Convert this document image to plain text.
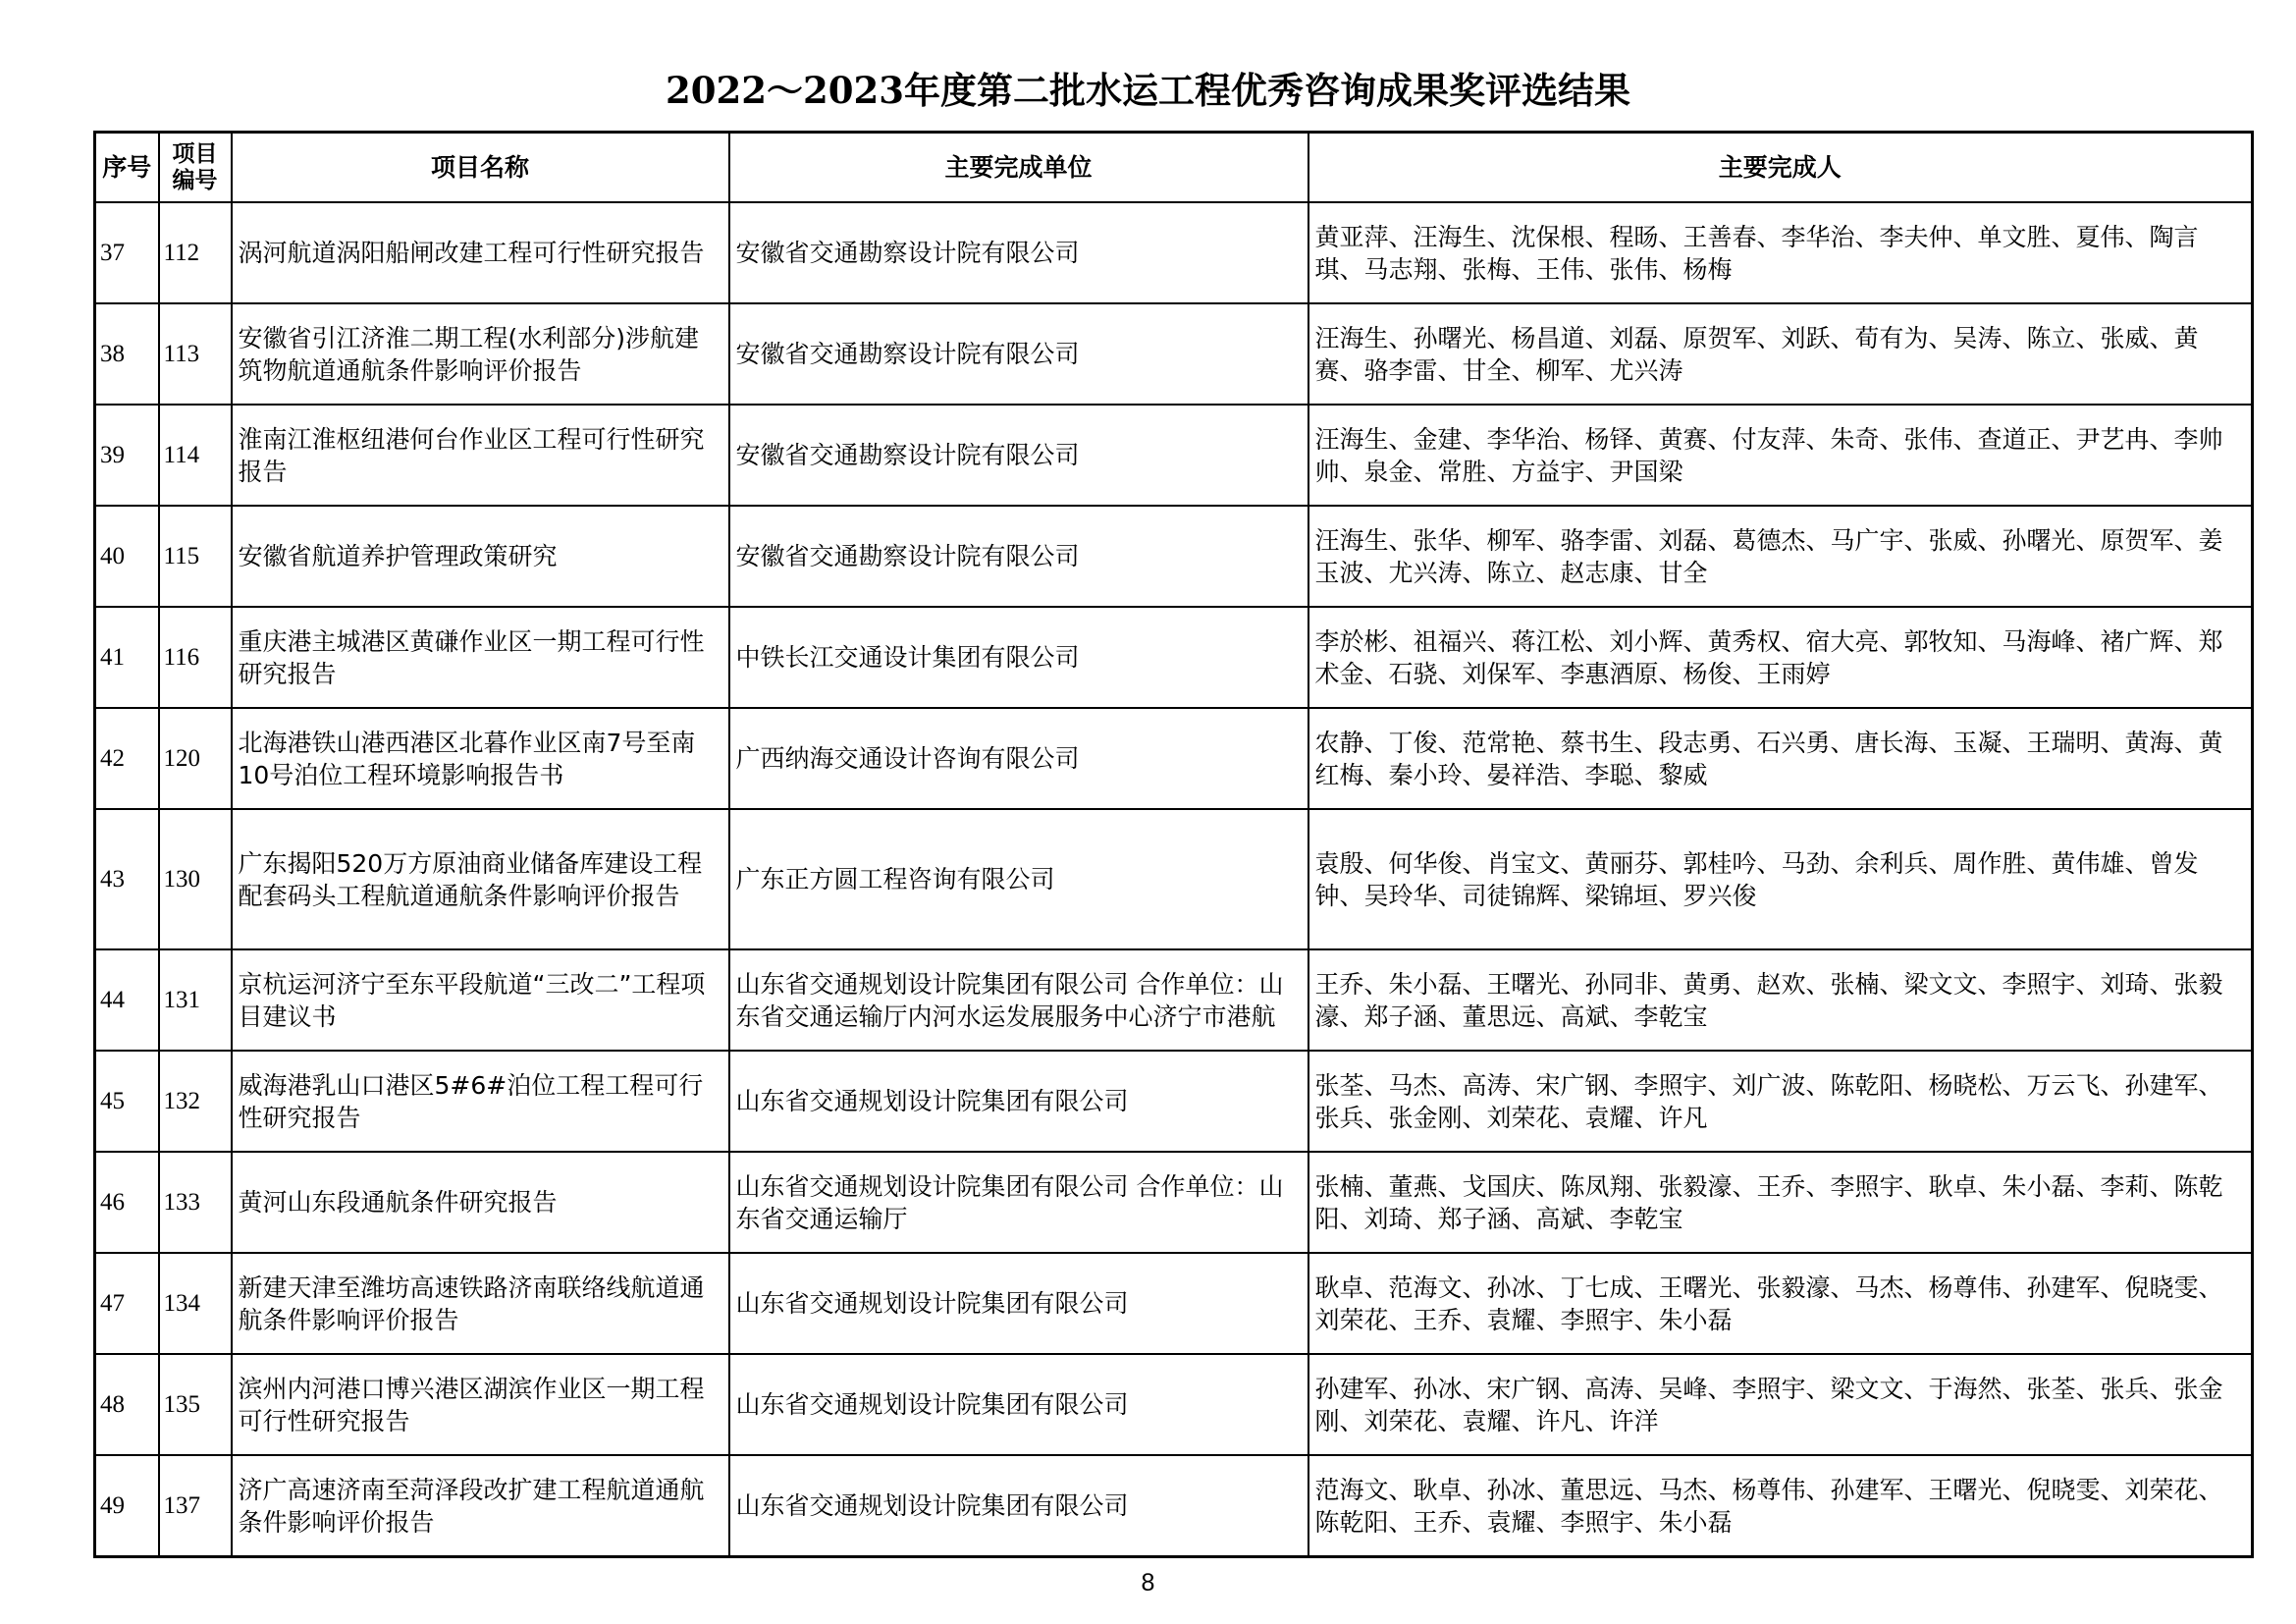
2022～2023年度第二批水运工程优秀咨询成果奖评选结果
序号	项目编号	项目名称	主要完成单位	主要完成人
37	112	涡河航道涡阳船闸改建工程可行性研究报告	安徽省交通勘察设计院有限公司	黄亚萍、汪海生、沈保根、程旸、王善春、李华治、李夫仲、单文胜、夏伟、陶言琪、马志翔、张梅、王伟、张伟、杨梅
38	113	安徽省引江济淮二期工程(水利部分)涉航建筑物航道通航条件影响评价报告	安徽省交通勘察设计院有限公司	汪海生、孙曙光、杨昌道、刘磊、原贺军、刘跃、荀有为、吴涛、陈立、张威、黄赛、骆李雷、甘全、柳军、尤兴涛
39	114	淮南江淮枢纽港何台作业区工程可行性研究报告	安徽省交通勘察设计院有限公司	汪海生、金建、李华治、杨铎、黄赛、付友萍、朱奇、张伟、查道正、尹艺冉、李帅帅、泉金、常胜、方益宇、尹国梁
40	115	安徽省航道养护管理政策研究	安徽省交通勘察设计院有限公司	汪海生、张华、柳军、骆李雷、刘磊、葛德杰、马广宇、张威、孙曙光、原贺军、姜玉波、尤兴涛、陈立、赵志康、甘全
41	116	重庆港主城港区黄磏作业区一期工程可行性研究报告	中铁长江交通设计集团有限公司	李於彬、祖福兴、蒋江松、刘小辉、黄秀权、宿大亮、郭牧知、马海峰、褚广辉、郑术金、石骁、刘保军、李惠酒原、杨俊、王雨婷
42	120	北海港铁山港西港区北暮作业区南7号至南10号泊位工程环境影响报告书	广西纳海交通设计咨询有限公司	农静、丁俊、范常艳、蔡书生、段志勇、石兴勇、唐长海、玉凝、王瑞明、黄海、黄红梅、秦小玲、晏祥浩、李聪、黎威
43	130	广东揭阳520万方原油商业储备库建设工程配套码头工程航道通航条件影响评价报告	广东正方圆工程咨询有限公司	袁殷、何华俊、肖宝文、黄丽芬、郭桂吟、马劲、余利兵、周作胜、黄伟雄、曾发钟、吴玲华、司徒锦辉、梁锦垣、罗兴俊
44	131	京杭运河济宁至东平段航道“三改二”工程项目建议书	山东省交通规划设计院集团有限公司 合作单位：山东省交通运输厅内河水运发展服务中心济宁市港航	王乔、朱小磊、王曙光、孙同非、黄勇、赵欢、张楠、梁文文、李照宇、刘琦、张毅濠、郑子涵、董思远、高斌、李乾宝
45	132	威海港乳山口港区5#6#泊位工程工程可行性研究报告	山东省交通规划设计院集团有限公司	张荃、马杰、高涛、宋广钢、李照宇、刘广波、陈乾阳、杨晓松、万云飞、孙建军、张兵、张金刚、刘荣花、袁耀、许凡
46	133	黄河山东段通航条件研究报告	山东省交通规划设计院集团有限公司 合作单位：山东省交通运输厅	张楠、董燕、戈国庆、陈凤翔、张毅濠、王乔、李照宇、耿卓、朱小磊、李莉、陈乾阳、刘琦、郑子涵、高斌、李乾宝
47	134	新建天津至潍坊高速铁路济南联络线航道通航条件影响评价报告	山东省交通规划设计院集团有限公司	耿卓、范海文、孙冰、丁七成、王曙光、张毅濠、马杰、杨尊伟、孙建军、倪晓雯、刘荣花、王乔、袁耀、李照宇、朱小磊
48	135	滨州内河港口博兴港区湖滨作业区一期工程可行性研究报告	山东省交通规划设计院集团有限公司	孙建军、孙冰、宋广钢、高涛、吴峰、李照宇、梁文文、于海然、张荃、张兵、张金刚、刘荣花、袁耀、许凡、许洋
49	137	济广高速济南至菏泽段改扩建工程航道通航条件影响评价报告	山东省交通规划设计院集团有限公司	范海文、耿卓、孙冰、董思远、马杰、杨尊伟、孙建军、王曙光、倪晓雯、刘荣花、陈乾阳、王乔、袁耀、李照宇、朱小磊
8
